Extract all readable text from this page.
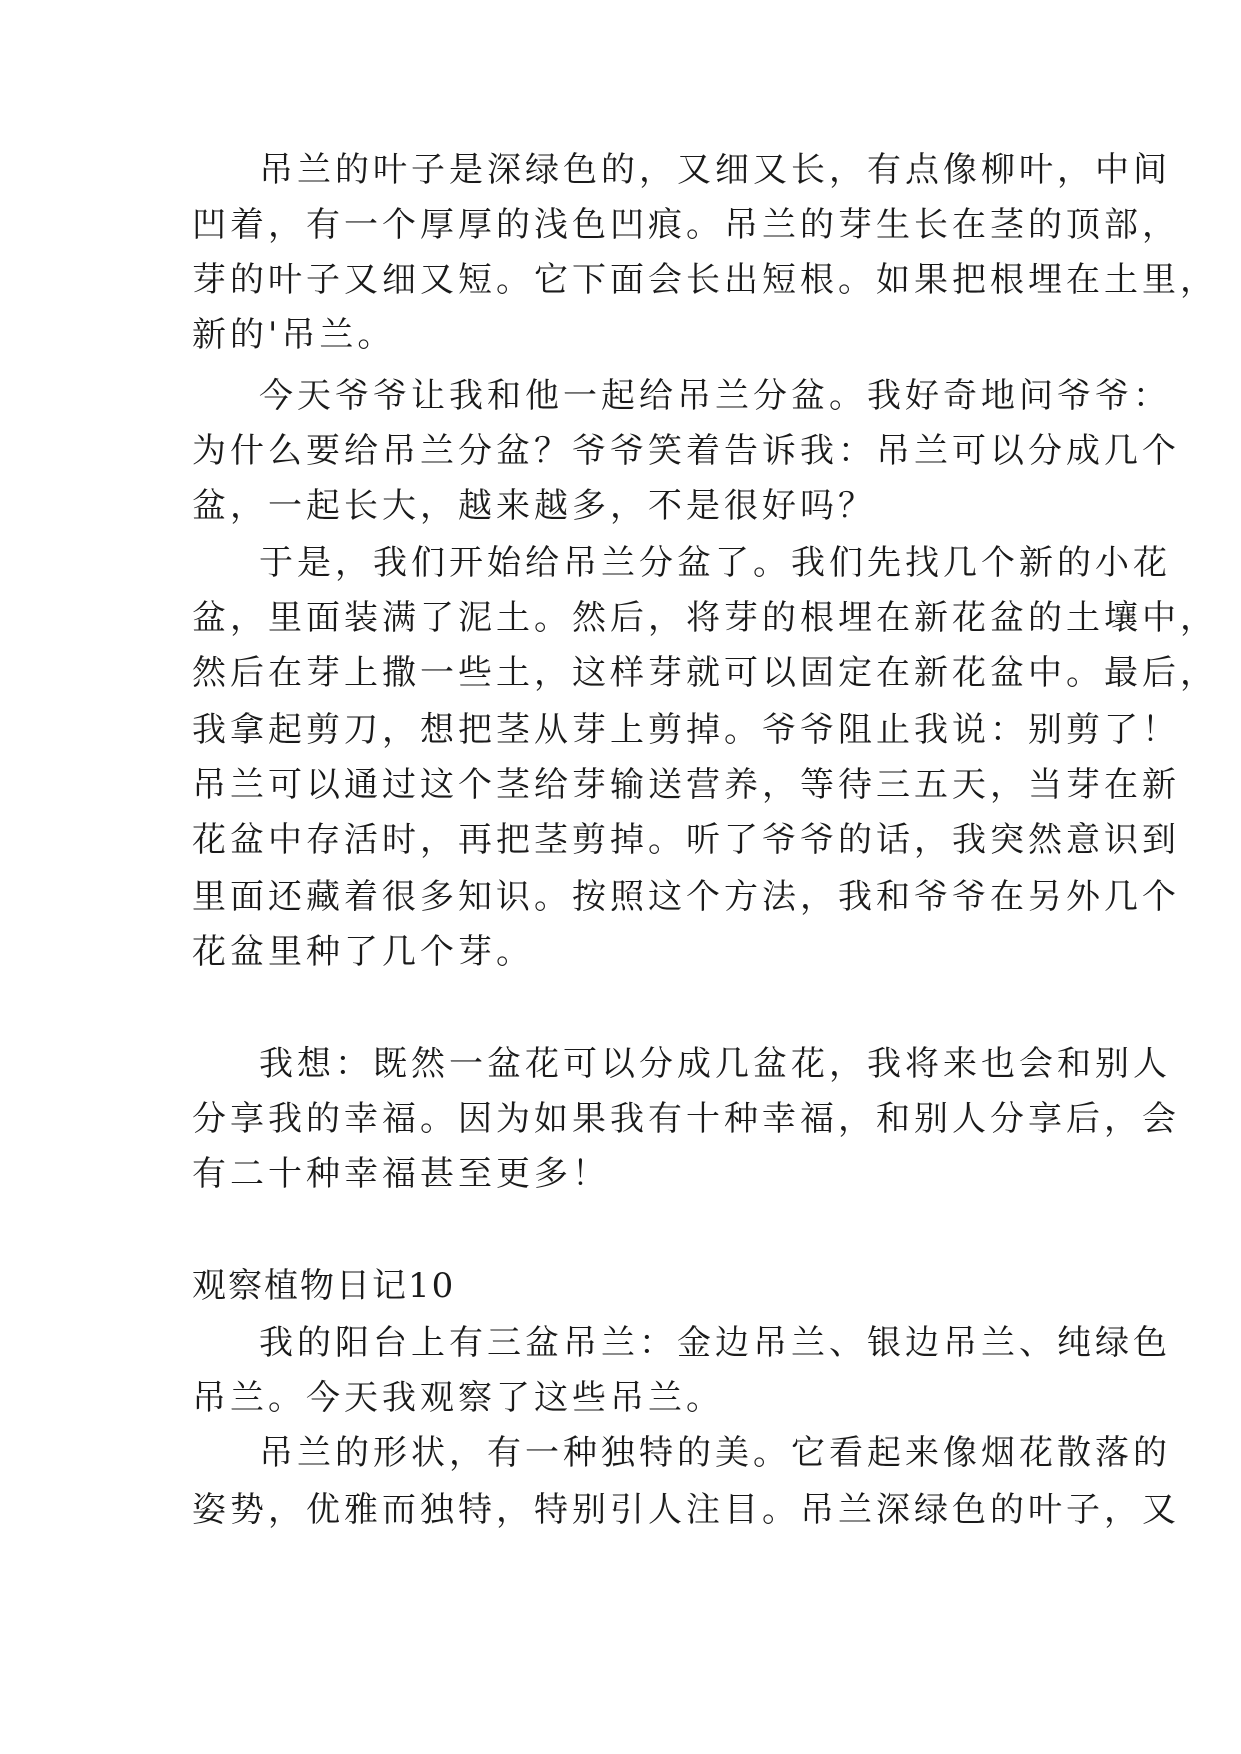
吊兰的叶子是深绿色的，又细又长，有点像柳叶，中间
凹着，有一个厚厚的浅色凹痕。吊兰的芽生长在茎的顶部，
芽的叶子又细又短。它下面会长出短根。如果把根埋在土里，
新的'吊兰。
今天爷爷让我和他一起给吊兰分盆。我好奇地问爷爷：
为什么要给吊兰分盆？爷爷笑着告诉我：吊兰可以分成几个
盆，一起长大，越来越多，不是很好吗？
于是，我们开始给吊兰分盆了。我们先找几个新的小花
盆，里面装满了泥土。然后，将芽的根埋在新花盆的土壤中，
然后在芽上撒一些土，这样芽就可以固定在新花盆中。最后，
我拿起剪刀，想把茎从芽上剪掉。爷爷阻止我说：别剪了！
吊兰可以通过这个茎给芽输送营养，等待三五天，当芽在新
花盆中存活时，再把茎剪掉。听了爷爷的话，我突然意识到
里面还藏着很多知识。按照这个方法，我和爷爷在另外几个
花盆里种了几个芽。
我想：既然一盆花可以分成几盆花，我将来也会和别人
分享我的幸福。因为如果我有十种幸福，和别人分享后，会
有二十种幸福甚至更多！
观察植物日记10
我的阳台上有三盆吊兰：金边吊兰、银边吊兰、纯绿色
吊兰。今天我观察了这些吊兰。
吊兰的形状，有一种独特的美。它看起来像烟花散落的
姿势，优雅而独特，特别引人注目。吊兰深绿色的叶子，又
